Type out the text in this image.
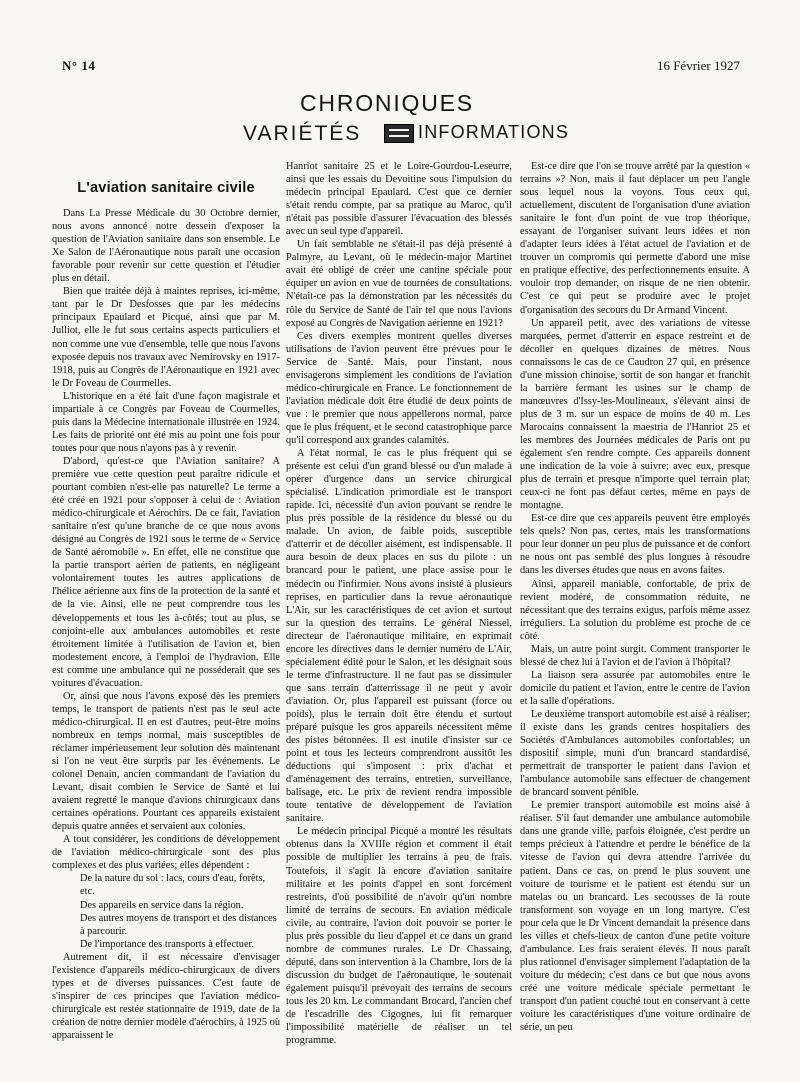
N° 14	16 Février 1927
CHRONIQUES
VARIÉTÉS	INFORMATIONS
L'aviation sanitaire civile

Dans La Presse Médicale du 30 Octobre dernier, nous avons annoncé notre dessein d'exposer la question de l'Aviation sanitaire dans son ensemble. Le Xe Salon de l'Aéronautique nous paraît une occasion favorable pour revenir sur cette question et l'étudier plus en détail.

Bien que traitée déjà à maintes reprises, ici-même, tant par le Dr Desfosses que par les médecins principaux Epaulard et Picqué, ainsi que par M. Julliot, elle le fut sous certains aspects particuliers et non comme une vue d'ensemble, telle que nous l'avons exposée depuis nos travaux avec Nemirovsky en 1917-1918, puis au Congrès de l'Aéronautique en 1921 avec le Dr Foveau de Courmelles.

L'historique en a été fait d'une façon magistrale et impartiale à ce Congrès par Foveau de Courmelles, puis dans la Médecine internationale illustrée en 1924. Les faits de priorité ont été mis au point une fois pour toutes pour que nous n'ayons pas à y revenir.

D'abord, qu'est-ce que l'Aviation sanitaire? A première vue cette question peut paraître ridicule et pourtant combien n'est-elle pas naturelle? Le terme a été créé en 1921 pour s'opposer à celui de : Aviation médico-chirurgicale et Aérochirs. De ce fait, l'aviation sanitaire n'est qu'une branche de ce que nous avons désigné au Congrès de 1921 sous le terme de « Service de Santé aéromobile ». En effet, elle ne constitue que la partie transport aérien de patients, en négligeant volontairement toutes les autres applications de l'hélice aérienne aux fins de la protection de la santé et de la vie. Ainsi, elle ne peut comprendre tous les développements et tous les à-côtés; tout au plus, se conjoint-elle aux ambulances automobiles et reste étroitement limitée à l'utilisation de l'avion et, bien modestement encore, à l'emploi de l'hydravion. Elle est comme une ambulance qui ne posséderait que ses voitures d'évacuation.

Or, ainsi que nous l'avons exposé dès les premiers temps, le transport de patients n'est pas le seul acte médico-chirurgical. Il en est d'autres, peut-être moins nombreux en temps normal, mais susceptibles de réclamer impérieusement leur solution dès maintenant si l'on ne veut être surpris par les événements. Le colonel Denain, ancien commandant de l'aviation du Levant, disait combien le Service de Santé et lui avaient regretté le manque d'avions chirurgicaux dans certaines opérations. Pourtant ces appareils existaient depuis quatre années et servaient aux colonies.

A tout considérer, les conditions de développement de l'aviation médico-chirurgicale sont des plus complexes et des plus variées; elles dépendent :

De la nature du sol : lacs, cours d'eau, forêts, etc.

Des appareils en service dans la région.

Des autres moyens de transport et des distances à parcourir.

De l'importance des transports à effectuer.

Autrement dit, il est nécessaire d'envisager l'existence d'appareils médico-chirurgicaux de divers types et de diverses puissances. C'est faute de s'inspirer de ces principes que l'aviation médico-chirurgicale est restée stationnaire de 1919, date de la création de notre dernier modèle d'aérochirs, à 1925 où apparaissent le

Hanriot sanitaire 25 et le Loire-Gourdou-Leseurre, ainsi que les essais du Devoitine sous l'impulsion du médecin principal Epaulard. C'est que ce dernier s'était rendu compte, par sa pratique au Maroc, qu'il n'était pas possible d'assurer l'évacuation des blessés avec un seul type d'appareil.

Un fait semblable ne s'était-il pas déjà présenté à Palmyre, au Levant, où le médecin-major Martinet avait été obligé de créer une cantine spéciale pour équiper un avion en vue de tournées de consultations. N'était-ce pas la démonstration par les nécessités du rôle du Service de Santé de l'air tel que nous l'avions exposé au Congrès de Navigation aérienne en 1921?

Ces divers exemples montrent quelles diverses utilisations de l'avion peuvent être prévues pour le Service de Santé. Mais, pour l'instant, nous envisagerons simplement les conditions de l'aviation médico-chirurgicale en France. Le fonctionnement de l'aviation médicale doit être étudié de deux points de vue : le premier que nous appellerons normal, parce que le plus fréquent, et le second catastrophique parce qu'il correspond aux grandes calamités.

A l'état normal, le cas le plus fréquent qui se présente est celui d'un grand blessé ou d'un malade à opérer d'urgence dans un service chirurgical spécialisé. L'indication primordiale est le transport rapide. Ici, nécessité d'un avion pouvant se rendre le plus près possible de la résidence du blessé ou du malade. Un avion, de faible poids, susceptible d'atterrir et de décoller aisément, est indispensable. Il aura besoin de deux places en sus du pilote : un brancard pour le patient, une place assise pour le médecin ou l'infirmier. Nous avons insisté à plusieurs reprises, en particulier dans la revue aéronautique L'Air, sur les caractéristiques de cet avion et surtout sur la question des terrains. Le général Niessel, directeur de l'aéronautique militaire, en exprimait encore les directives dans le dernier numéro de L'Air, spécialement édité pour le Salon, et les désignait sous le terme d'infrastructure. Il ne faut pas se dissimuler que sans terrain d'atterrissage il ne peut y avoir d'aviation. Or, plus l'appareil est puissant (force ou poids), plus le terrain doit être étendu et surtout préparé puisque les gros appareils nécessitent même des pistes bétonnées. Il est inutile d'insister sur ce point et tous les lecteurs comprendront aussitôt les déductions qui s'imposent : prix d'achat et d'aménagement des terrains, entretien, surveillance, balisage, etc. Le prix de revient rendra impossible toute tentative de développement de l'aviation sanitaire.

Le médecin principal Picqué a montré les résultats obtenus dans la XVIIIe région et comment il était possible de multiplier les terrains à peu de frais. Toutefois, il s'agit là encore d'aviation sanitaire militaire et les points d'appel en sont forcément restreints, d'où possibilité de n'avoir qu'un nombre limité de terrains de secours. En aviation médicale civile, au contraire, l'avion doit pouvoir se porter le plus près possible du lieu d'appel et ce dans un grand nombre de communes rurales. Le Dr Chassaing, député, dans son intervention à la Chambre, lors de la discussion du budget de l'aéronautique, le soutenait également puisqu'il prévoyait des terrains de secours tous les 20 km. Le commandant Brocard, l'ancien chef de l'escadrille des Cigognes, lui fit remarquer l'impossibilité matérielle de réaliser un tel programme.

Est-ce dire que l'on se trouve arrêté par la question « terrains »? Non, mais il faut déplacer un peu l'angle sous lequel nous la voyons. Tous ceux qui, actuellement, discutent de l'organisation d'une aviation sanitaire le font d'un point de vue trop théorique, essayant de l'organiser suivant leurs idées et non d'adapter leurs idées à l'état actuel de l'aviation et de trouver un compromis qui permette d'abord une mise en pratique effective, des perfectionnements ensuite. A vouloir trop demander, on risque de ne rien obtenir. C'est ce qui peut se produire avec le projet d'organisation des secours du Dr Armand Vincent.

Un appareil petit, avec des variations de vitesse marquées, permet d'atterrir en espace restreint et de décoller en quelques dizaines de mètres. Nous connaissons le cas de ce Caudron 27 qui, en présence d'une mission chinoise, sortit de son hangar et franchit la barrière fermant les usines sur le champ de manœuvres d'Issy-les-Moulineaux, s'élevant ainsi de plus de 3 m. sur un espace de moins de 40 m. Les Marocains connaissent la maestria de l'Hanriot 25 et les membres des Journées médicales de Paris ont pu également s'en rendre compte. Ces appareils donnent une indication de la voie à suivre; avec eux, presque plus de terrain et presque n'importe quel terrain plat; ceux-ci ne font pas défaut certes, même en pays de montagne.

Est-ce dire que ces appareils peuvent être employés tels quels? Non pas, certes, mais les transformations pour leur donner un peu plus de puissance et de confort ne nous ont pas semblé des plus longues à résoudre dans les diverses études que nous en avons faites.

Ainsi, appareil maniable, confortable, de prix de revient modéré, de consommation réduite, ne nécessitant que des terrains exigus, parfois même assez irréguliers. La solution du problème est proche de ce côté.

Mais, un autre point surgit. Comment transporter le blessé de chez lui à l'avion et de l'avion à l'hôpital?

La liaison sera assurée par automobiles entre le domicile du patient et l'avion, entre le centre de l'avion et la salle d'opérations.

Le deuxième transport automobile est aisé à réaliser; il existe dans les grands centres hospitaliers des Sociétés d'Ambulances automobiles confortables; un dispositif simple, muni d'un brancard standardisé, permettrait de transporter le patient dans l'avion et l'ambulance automobile sans effectuer de changement de brancard souvent pénible.

Le premier transport automobile est moins aisé à réaliser. S'il faut demander une ambulance automobile dans une grande ville, parfois éloignée, c'est perdre un temps précieux à l'attendre et perdre le bénéfice de la vitesse de l'avion qui devra attendre l'arrivée du patient. Dans ce cas, on prend le plus souvent une voiture de tourisme et le patient est étendu sur un matelas ou un brancard. Les secousses de la route transforment son voyage en un long martyre. C'est pour cela que le Dr Vincent demandait la présence dans les villes et chefs-lieux de canton d'une petite voiture d'ambulance. Les frais seraient élevés. Il nous paraît plus rationnel d'envisager simplement l'adaptation de la voiture du médecin; c'est dans ce but que nous avons créé une voiture médicale spéciale permettant le transport d'un patient couché tout en conservant à cette voiture les caractéristiques d'une voiture ordinaire de série, un peu
